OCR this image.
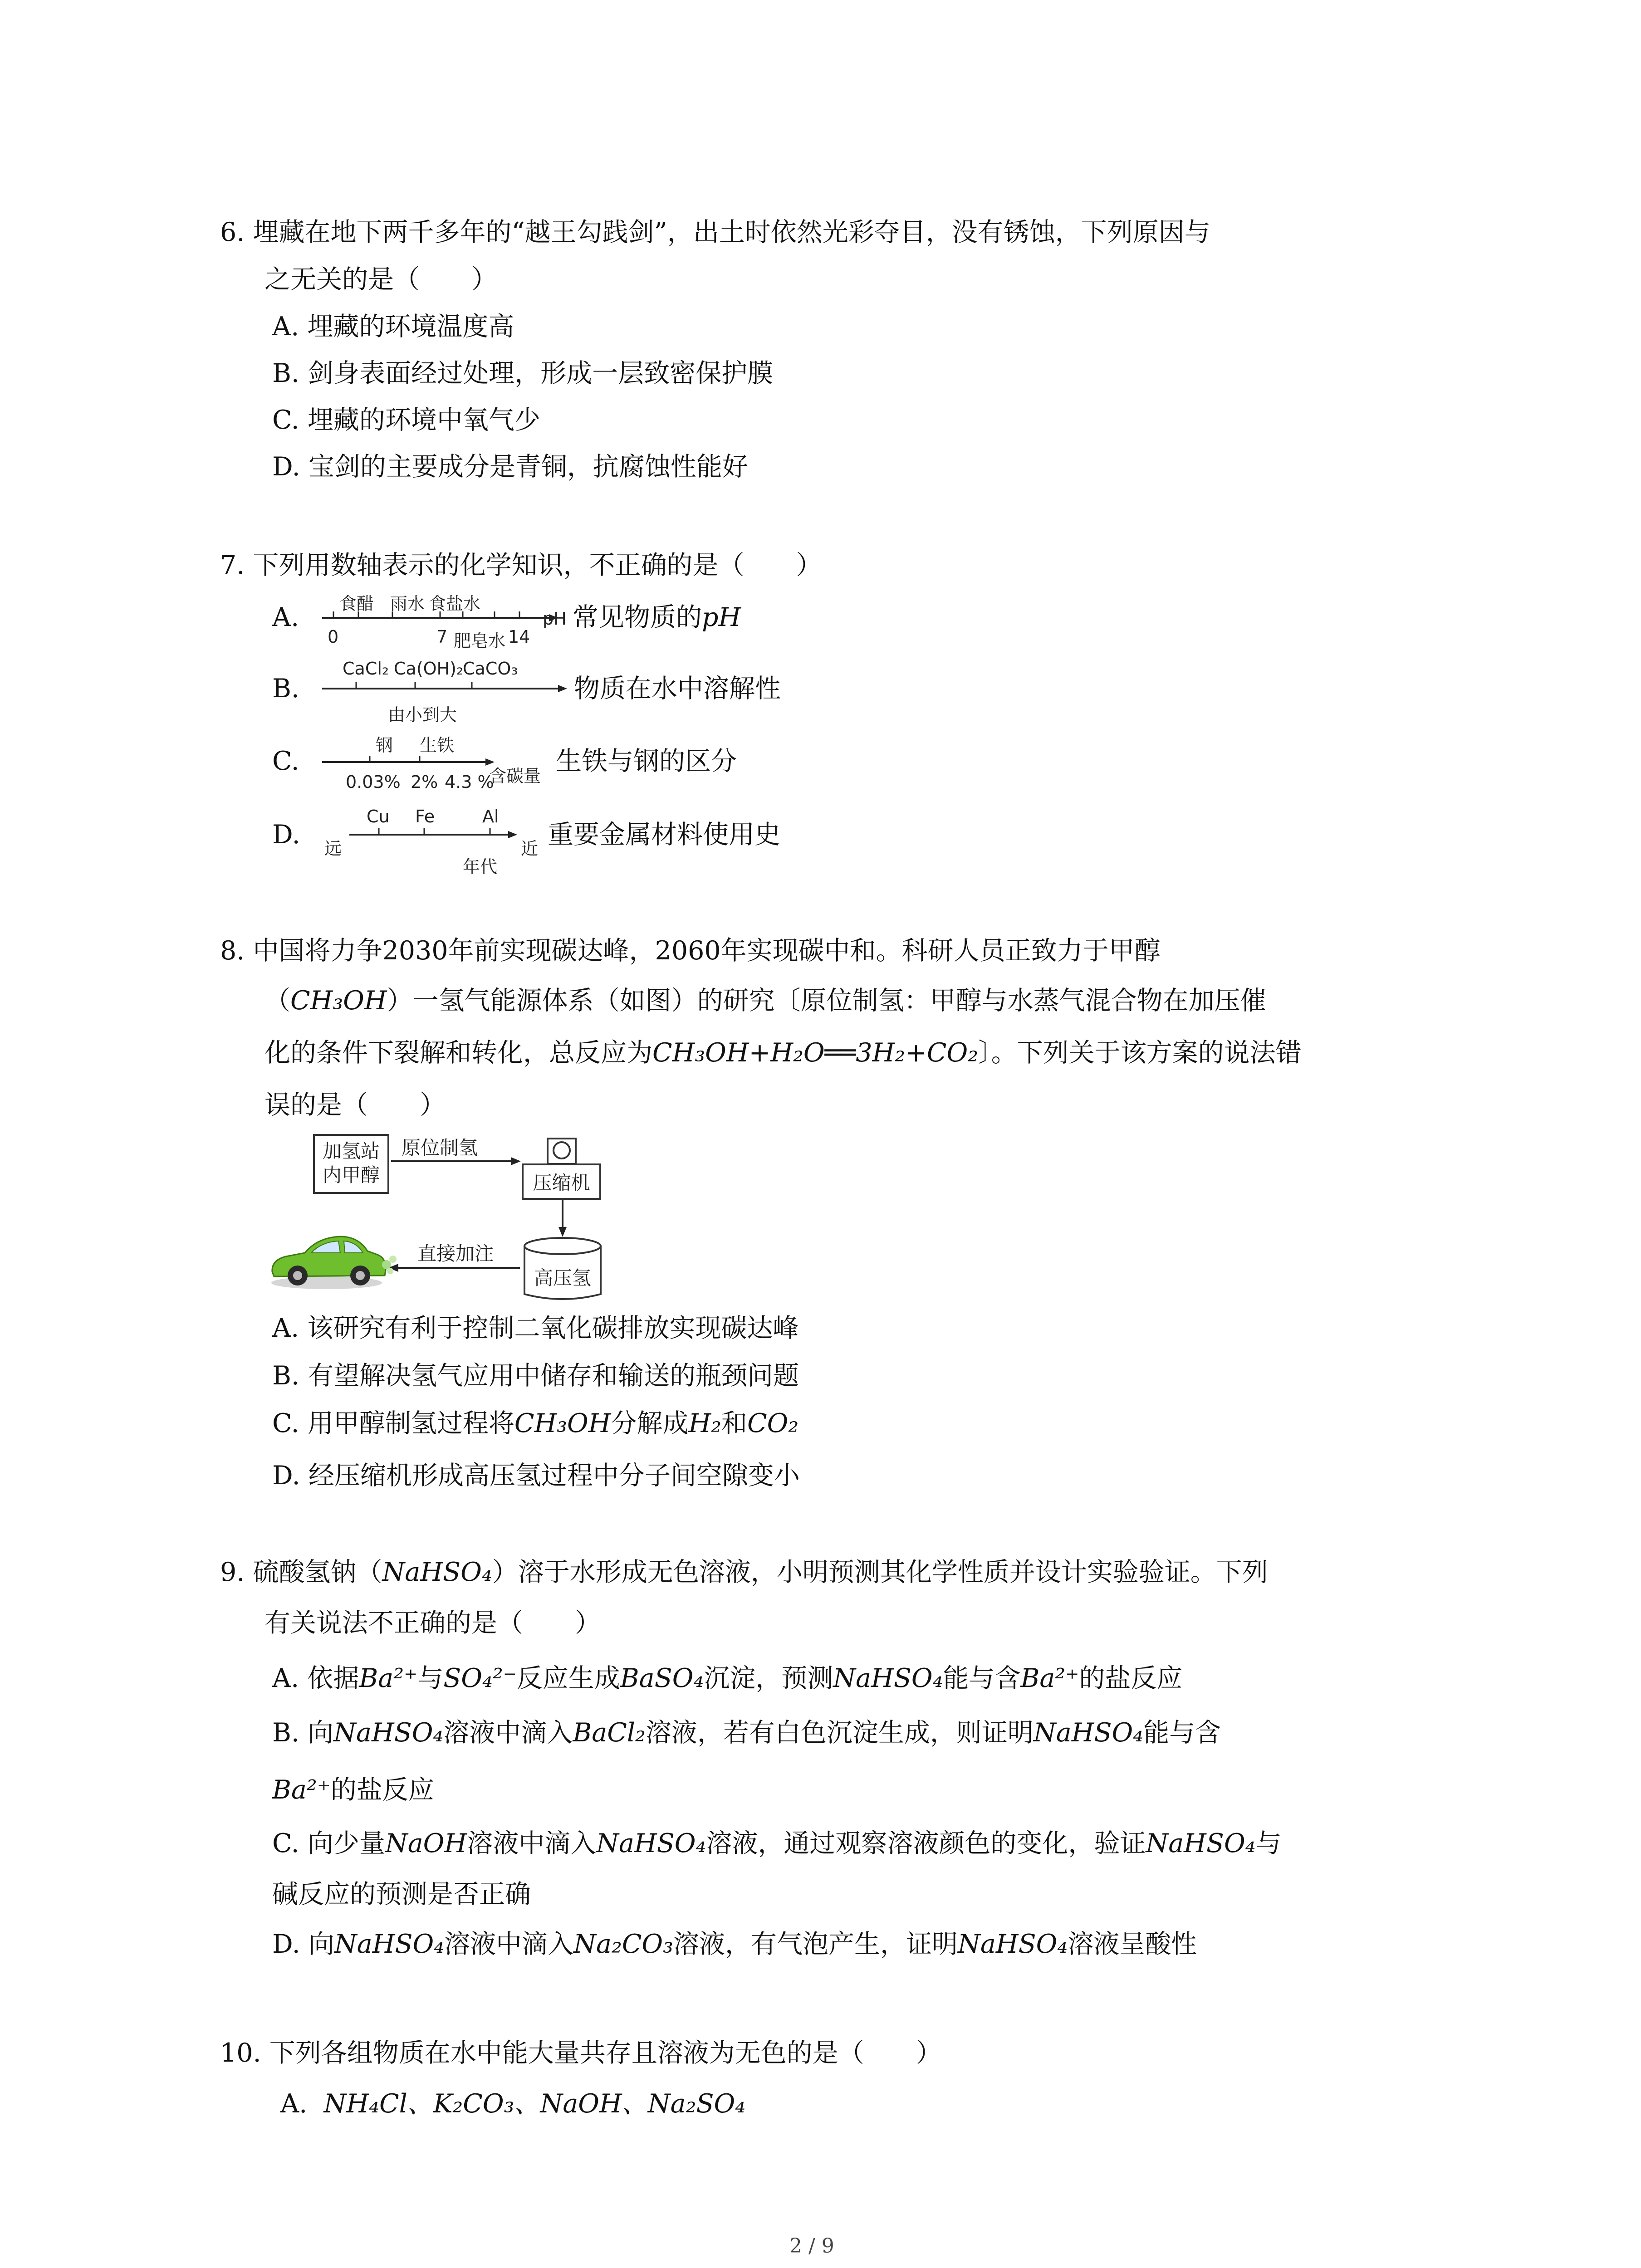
6. 埋藏在地下两千多年的“越王勾践剑”，出土时依然光彩夺目，没有锈蚀，下列原因与
之无关的是（　　）
A. 埋藏的环境温度高
B. 剑身表面经过处理，形成一层致密保护膜
C. 埋藏的环境中氧气少
D. 宝剑的主要成分是青铜，抗腐蚀性能好
7. 下列用数轴表示的化学知识，不正确的是（　　）
A. 食醋 雨水 食盐水
0	7 肥皂水 14
pH 常见物质的pH
B.
CaCl₂ Ca(OH)₂
CaCO₃
由小到大
物质在水中溶解性
C.
钢 生铁
0.03% 2% 4.3 %
含碳量 生铁与钢的区分
D.
Cu Fe	Al
远	近
年代
重要金属材料使用史
8. 中国将力争2030年前实现碳达峰，2060年实现碳中和。科研人员正致力于甲醇
（CH₃OH）一氢气能源体系（如图）的研究〔原位制氢：甲醇与水蒸气混合物在加压催
化的条件下裂解和转化，总反应为CH₃OH+H₂O══3H₂+CO₂〕。下列关于该方案的说法错
误的是（　　）
加氢站
内甲醇
原位制氢
压缩机
高压氢
直接加注
A. 该研究有利于控制二氧化碳排放实现碳达峰
B. 有望解决氢气应用中储存和输送的瓶颈问题
C. 用甲醇制氢过程将CH₃OH分解成H₂和CO₂
D. 经压缩机形成高压氢过程中分子间空隙变小
9. 硫酸氢钠（NaHSO₄）溶于水形成无色溶液，小明预测其化学性质并设计实验验证。下列
有关说法不正确的是（　　）
A. 依据Ba²⁺与SO₄²⁻反应生成BaSO₄沉淀，预测NaHSO₄能与含Ba²⁺的盐反应
B. 向NaHSO₄溶液中滴入BaCl₂溶液，若有白色沉淀生成，则证明NaHSO₄能与含
Ba²⁺的盐反应
C. 向少量NaOH溶液中滴入NaHSO₄溶液，通过观察溶液颜色的变化，验证NaHSO₄与
碱反应的预测是否正确
D. 向NaHSO₄溶液中滴入Na₂CO₃溶液，有气泡产生，证明NaHSO₄溶液呈酸性
10. 下列各组物质在水中能大量共存且溶液为无色的是（　　）
A. NH₄Cl、K₂CO₃、NaOH、Na₂SO₄
2 / 9
